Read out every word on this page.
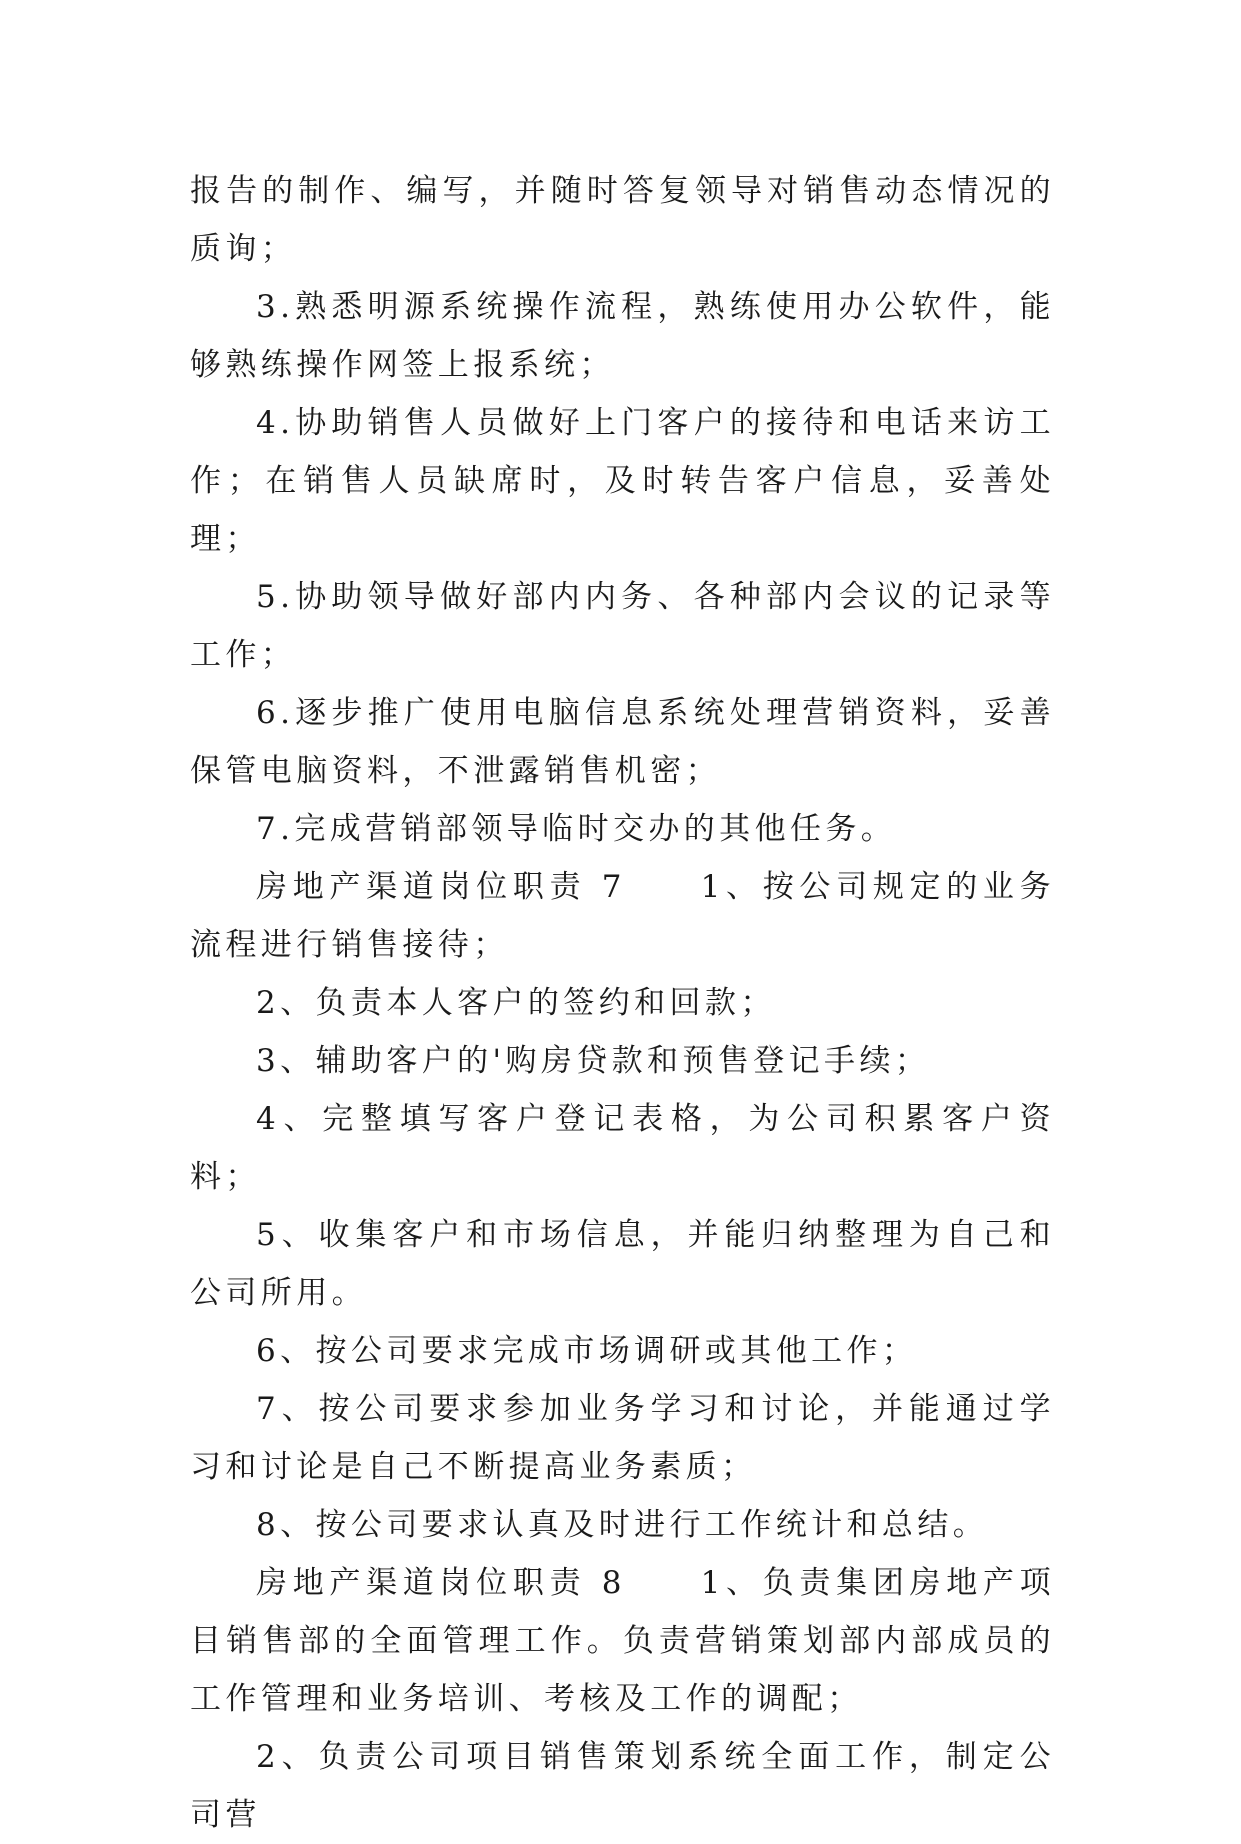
报告的制作、编写，并随时答复领导对销售动态情况的质询；

3.熟悉明源系统操作流程，熟练使用办公软件，能够熟练操作网签上报系统；

4.协助销售人员做好上门客户的接待和电话来访工作；在销售人员缺席时，及时转告客户信息，妥善处理；

5.协助领导做好部内内务、各种部内会议的记录等工作；

6.逐步推广使用电脑信息系统处理营销资料，妥善保管电脑资料，不泄露销售机密；

7.完成营销部领导临时交办的其他任务。

房地产渠道岗位职责 7　　1、按公司规定的业务流程进行销售接待；

2、负责本人客户的签约和回款；

3、辅助客户的'购房贷款和预售登记手续；

4、完整填写客户登记表格，为公司积累客户资料；

5、收集客户和市场信息，并能归纳整理为自己和公司所用。

6、按公司要求完成市场调研或其他工作；

7、按公司要求参加业务学习和讨论，并能通过学习和讨论是自己不断提高业务素质；

8、按公司要求认真及时进行工作统计和总结。

房地产渠道岗位职责 8　　1、负责集团房地产项目销售部的全面管理工作。负责营销策划部内部成员的工作管理和业务培训、考核及工作的调配；

2、负责公司项目销售策划系统全面工作，制定公司营
